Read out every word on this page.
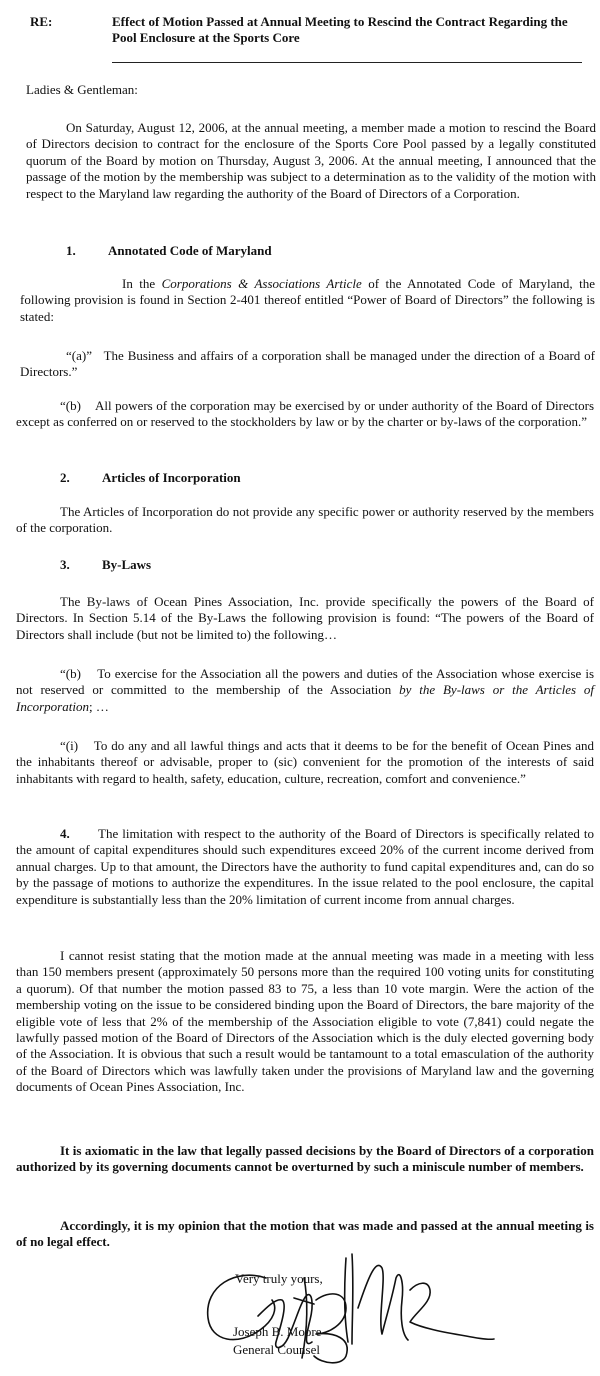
RE:	Effect of Motion Passed at Annual Meeting to Rescind the Contract Regarding the Pool Enclosure at the Sports Core
Ladies & Gentleman:

On Saturday, August 12, 2006, at the annual meeting, a member made a motion to rescind the Board of Directors decision to contract for the enclosure of the Sports Core Pool passed by a legally constituted quorum of the Board by motion on Thursday, August 3, 2006. At the annual meeting, I announced that the passage of the motion by the membership was subject to a determination as to the validity of the motion with respect to the Maryland law regarding the authority of the Board of Directors of a Corporation.

1. Annotated Code of Maryland

In the Corporations & Associations Article of the Annotated Code of Maryland, the following provision is found in Section 2-401 thereof entitled “Power of Board of Directors” the following is stated:

“(a)” The Business and affairs of a corporation shall be managed under the direction of a Board of Directors.”

“(b) All powers of the corporation may be exercised by or under authority of the Board of Directors except as conferred on or reserved to the stockholders by law or by the charter or by-laws of the corporation.”

2. Articles of Incorporation

The Articles of Incorporation do not provide any specific power or authority reserved by the members of the corporation.

3. By-Laws

The By-laws of Ocean Pines Association, Inc. provide specifically the powers of the Board of Directors. In Section 5.14 of the By-Laws the following provision is found: “The powers of the Board of Directors shall include (but not be limited to) the following…

“(b) To exercise for the Association all the powers and duties of the Association whose exercise is not reserved or committed to the membership of the Association by the By-laws or the Articles of Incorporation; …

“(i) To do any and all lawful things and acts that it deems to be for the benefit of Ocean Pines and the inhabitants thereof or advisable, proper to (sic) convenient for the promotion of the interests of said inhabitants with regard to health, safety, education, culture, recreation, comfort and convenience.”

4. The limitation with respect to the authority of the Board of Directors is specifically related to the amount of capital expenditures should such expenditures exceed 20% of the current income derived from annual charges. Up to that amount, the Directors have the authority to fund capital expenditures and, can do so by the passage of motions to authorize the expenditures. In the issue related to the pool enclosure, the capital expenditure is substantially less than the 20% limitation of current income from annual charges.

I cannot resist stating that the motion made at the annual meeting was made in a meeting with less than 150 members present (approximately 50 persons more than the required 100 voting units for constituting a quorum). Of that number the motion passed 83 to 75, a less than 10 vote margin. Were the action of the membership voting on the issue to be considered binding upon the Board of Directors, the bare majority of the eligible vote of less that 2% of the membership of the Association eligible to vote (7,841) could negate the lawfully passed motion of the Board of Directors of the Association which is the duly elected governing body of the Association. It is obvious that such a result would be tantamount to a total emasculation of the authority of the Board of Directors which was lawfully taken under the provisions of Maryland law and the governing documents of Ocean Pines Association, Inc.

It is axiomatic in the law that legally passed decisions by the Board of Directors of a corporation authorized by its governing documents cannot be overturned by such a miniscule number of members.

Accordingly, it is my opinion that the motion that was made and passed at the annual meeting is of no legal effect.

Very truly yours,
Joseph B. Moore
General Counsel
